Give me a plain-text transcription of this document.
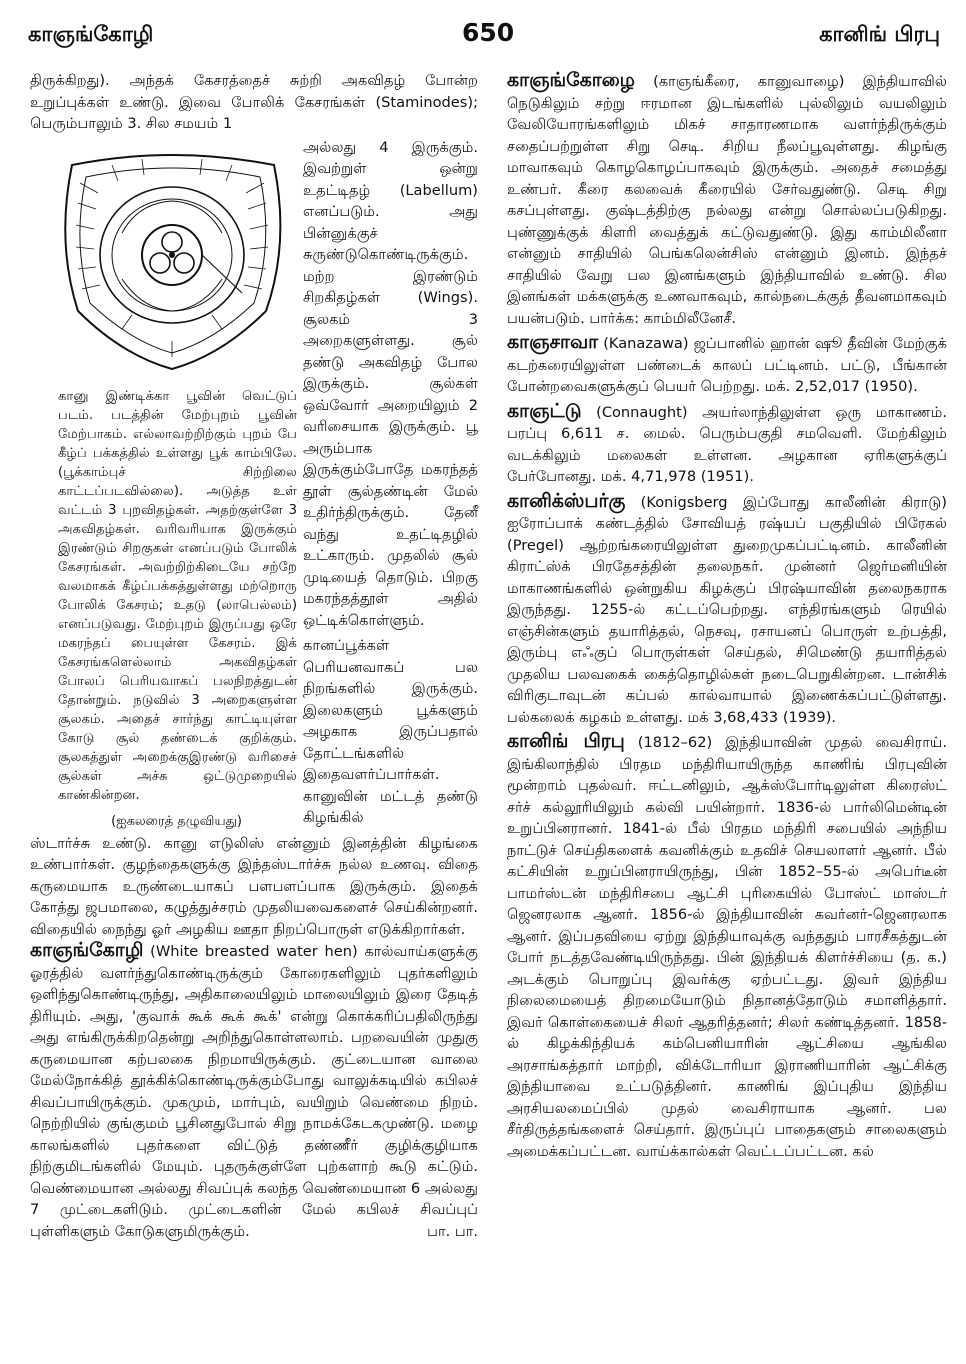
காஞங்கோழி	650	கானிங் பிரபு

திருக்கிறது). அந்தக் கேசரத்தைச் சுற்றி அகவிதழ் போன்ற உறுப்புக்கள் உண்டு. இவை போலிக் கேசரங்கள் (Staminodes); பெரும்பாலும் 3. சில சமயம் 1

கானு இண்டிக்கா பூவின் வெட்டுப் படம். படத்தின் மேற்புறம் பூவின் மேற்பாகம். எல்லாவற்றிற்கும் புறம் பே கீழ்ப் பக்கத்தில் உள்ளது பூக் காம்பிலே. (பூக்காம்புச் சிற்றிலை காட்டப்படவில்லை). அடுத்த உள் வட்டம் 3 புறவிதழ்கள். அதற்குள்ளே 3 அகவிதழ்கள். வரிவரியாக இருக்கும் இரண்டும் சிறகுகள் எனப்படும் போலிக் கேசரங்கள். அவற்றிற்கிடையே சற்றே வலமாகக் கீழ்ப்பக்கத்துள்ளது மற்றொரு போலிக் கேசரம்; உதடு (லாபெல்லம்) எனப்படுவது. மேற்புறம் இருப்பது ஒரே மகரந்தப் பையுள்ள கேசரம். இக் கேசரங்களெல்லாம் அகவிதழ்கள் போலப் பெரியவாகப் பலநிறத்துடன் தோன்றும். நடுவில் 3 அறைகளுள்ள சூலகம். அதைச் சார்ந்து காட்டியுள்ள கோடு சூல் தண்டைக் குறிக்கும். சூலகத்துள் அறைக்குஇரண்டு வரிசைச் சூல்கள் அச்சு ஒட்டுமுறையில் காண்கின்றன.
(ஐகலரைத் தழுவியது)

அல்லது 4 இருக்கும். இவற்றுள் ஒன்று உதட்டிதழ் (Labellum) எனப்படும். அது பின்னுக்குச் சுருண்டுகொண்டிருக்கும். மற்ற இரண்டும் சிறகிதழ்கள் (Wings). சூலகம் 3 அறைகளுள்ளது. சூல் தண்டு அகவிதழ் போல இருக்கும். சூல்கள் ஒவ்வோர் அறையிலும் 2 வரிசையாக இருக்கும். பூ அரும்பாக இருக்கும்போதே மகரந்தத் தூள் சூல்தண்டின் மேல் உதிர்ந்திருக்கும். தேனீ வந்து உதட்டிதழில் உட்காரும். முதலில் சூல் முடியைத் தொடும். பிறகு மகரந்தத்தூள் அதில் ஒட்டிக்கொள்ளும்.

கானப்பூக்கள் பெரியனவாகப் பல நிறங்களில் இருக்கும். இலைகளும் பூக்களும் அழகாக இருப்பதால் தோட்டங்களில் இதைவளர்ப்பார்கள். கானுவின் மட்டத் தண்டு கிழங்கில்

ஸ்டார்ச்சு உண்டு. கானு எடுலிஸ் என்னும் இனத்தின் கிழங்கை உண்பார்கள். குழந்தைகளுக்கு இந்தஸ்டார்ச்சு நல்ல உணவு. விதை கருமையாக உருண்டையாகப் பளபளப்பாக இருக்கும். இதைக் கோத்து ஜபமாலை, கழுத்துச்சரம் முதலியவைகளைச் செய்கின்றனர். விதையில் நைந்து ஓர் அழகிய ஊதா நிறப்பொருள் எடுக்கிறார்கள்.

காஞங்கோழி (White breasted water hen) கால்வாய்களுக்கு ஓரத்தில் வளர்ந்துகொண்டிருக்கும் கோரைகளிலும் புதர்களிலும் ஒளிந்துகொண்டிருந்து, அதிகாலையிலும் மாலையிலும் இரை தேடித் திரியும். அது, 'குவாக் கூக் கூக் கூக்' என்று கொக்கரிப்பதிலிருந்து அது எங்கிருக்கிறதென்று அறிந்துகொள்ளலாம். பறவையின் முதுகு கருமையான கற்பலகை நிறமாயிருக்கும். குட்டையான வாலை மேல்நோக்கித் தூக்கிக்கொண்டிருக்கும்போது வாலுக்கடியில் கபிலச் சிவப்பாயிருக்கும். முகமும், மார்பும், வயிறும் வெண்மை நிறம். நெற்றியில் குங்குமம் பூசினதுபோல் சிறு நாமக்கேடகமுண்டு. மழை காலங்களில் புதர்களை விட்டுத் தண்ணீர் குழிக்குழியாக நிற்குமிடங்களில் மேயும். புதருக்குள்ளே புற்களாற் கூடு கட்டும். வெண்மையான அல்லது சிவப்புக் கலந்த வெண்மையான 6 அல்லது 7 முட்டைகளிடும். முட்டைகளின் மேல் கபிலச் சிவப்புப் புள்ளிகளும் கோடுகளுமிருக்கும்.	பா. பா.

காஞங்கோழை (காஞங்கீரை, கானுவாழை) இந்தியாவில் நெடுகிலும் சற்று ஈரமான இடங்களில் புல்லிலும் வயலிலும் வேலியோரங்களிலும் மிகச் சாதாரணமாக வளர்ந்திருக்கும் சதைப்பற்றுள்ள சிறு செடி. சிறிய நீலப்பூவுள்ளது. கிழங்கு மாவாகவும் கொழகொழப்பாகவும் இருக்கும். அதைச் சமைத்து உண்பர். கீரை கலவைக் கீரையில் சேர்வதுண்டு. செடி சிறு கசப்புள்ளது. குஷ்டத்திற்கு நல்லது என்று சொல்லப்படுகிறது. புண்ணுக்குக் கிளரி வைத்துக் கட்டுவதுண்டு. இது காம்மிலீனா என்னும் சாதியில் பெங்கலென்சிஸ் என்னும் இனம். இந்தச் சாதியில் வேறு பல இனங்களும் இந்தியாவில் உண்டு. சில இனங்கள் மக்களுக்கு உணவாகவும், கால்நடைக்குத் தீவனமாகவும் பயன்படும். பார்க்க: காம்மிலீனேசீ.

காஞசாவா (Kanazawa) ஜப்பானில் ஹான் ஷூ தீவின் மேற்குக் கடற்கரையிலுள்ள பண்டைக் காலப் பட்டினம். பட்டு, பீங்கான் போன்றவைகளுக்குப் பெயர் பெற்றது. மக். 2,52,017 (1950).

காஞட்டு (Connaught) அயர்லாந்திலுள்ள ஒரு மாகாணம். பரப்பு 6,611 ச. மைல். பெரும்பகுதி சமவெளி. மேற்கிலும் வடக்கிலும் மலைகள் உள்ளன. அழகான ஏரிகளுக்குப் பேர்போனது. மக். 4,71,978 (1951).

கானிக்ஸ்பர்கு (Konigsberg இப்போது காலீனின் கிராடு) ஐரோப்பாக் கண்டத்தில் சோவியத் ரஷ்யப் பகுதியில் பிரேகல் (Pregel) ஆற்றங்கரையிலுள்ள துறைமுகப்பட்டினம். காலீனின் கிராட்ஸ்க் பிரதேசத்தின் தலைநகர். முன்னர் ஜெர்மனியின் மாகாணங்களில் ஒன்றுகிய கிழக்குப் பிரஷ்யாவின் தலைநகராக இருந்தது. 1255-ல் கட்டப்பெற்றது. எந்திரங்களும் ரெயில் எஞ்சின்களும் தயாரித்தல், நெசவு, ரசாயனப் பொருள் உற்பத்தி, இரும்பு எஃகுப் பொருள்கள் செய்தல், சிமெண்டு தயாரித்தல் முதலிய பலவகைக் கைத்தொழில்கள் நடைபெறுகின்றன. டான்சிக் விரிகுடாவுடன் கப்பல் கால்வாயால் இணைக்கப்பட்டுள்ளது. பல்கலைக் கழகம் உள்ளது. மக் 3,68,433 (1939).

கானிங் பிரபு (1812–62) இந்தியாவின் முதல் வைசிராய். இங்கிலாந்தில் பிரதம மந்திரியாயிருந்த காணிங் பிரபுவின் மூன்றாம் புதல்வர். ஈட்டனிலும், ஆக்ஸ்போர்டிலுள்ள கிரைஸ்ட் சர்ச் கல்லூரியிலும் கல்வி பயின்றார். 1836-ல் பார்லிமென்டின் உறுப்பினரானர். 1841-ல் பீல் பிரதம மந்திரி சபையில் அந்நிய நாட்டுச் செய்திகளைக் கவனிக்கும் உதவிச் செயலாளர் ஆனர். பீல் கட்சியின் உறுப்பினராயிருந்து, பின் 1852–55-ல் அபெர்டீன் பாமர்ஸ்டன் மந்திரிசபை ஆட்சி புரிகையில் போஸ்ட் மாஸ்டர் ஜெனரலாக ஆனர். 1856-ல் இந்தியாவின் கவர்னர்-ஜெனரலாக ஆனர். இப்பதவியை ஏற்று இந்தியாவுக்கு வந்ததும் பாரசீகத்துடன் போர் நடத்தவேண்டியிருந்தது. பின் இந்தியக் கிளர்ச்சியை (த. க.) அடக்கும் பொறுப்பு இவர்க்கு ஏற்பட்டது. இவர் இந்திய நிலைமையைத் திறமையோடும் நிதானத்தோடும் சமாளித்தார். இவர் கொள்கையைச் சிலர் ஆதரித்தனர்; சிலர் கண்டித்தனர். 1858-ல் கிழக்கிந்தியக் கம்பெனியாரின் ஆட்சியை ஆங்கில அரசாங்கத்தார் மாற்றி, விக்டோரியா இராணியாரின் ஆட்சிக்கு இந்தியாவை உட்படுத்தினர். காணிங் இப்புதிய இந்திய அரசியலமைப்பில் முதல் வைசிராயாக ஆனர். பல சீர்திருத்தங்களைச் செய்தார். இருப்புப் பாதைகளும் சாலைகளும் அமைக்கப்பட்டன. வாய்க்கால்கள் வெட்டப்பட்டன. கல்
